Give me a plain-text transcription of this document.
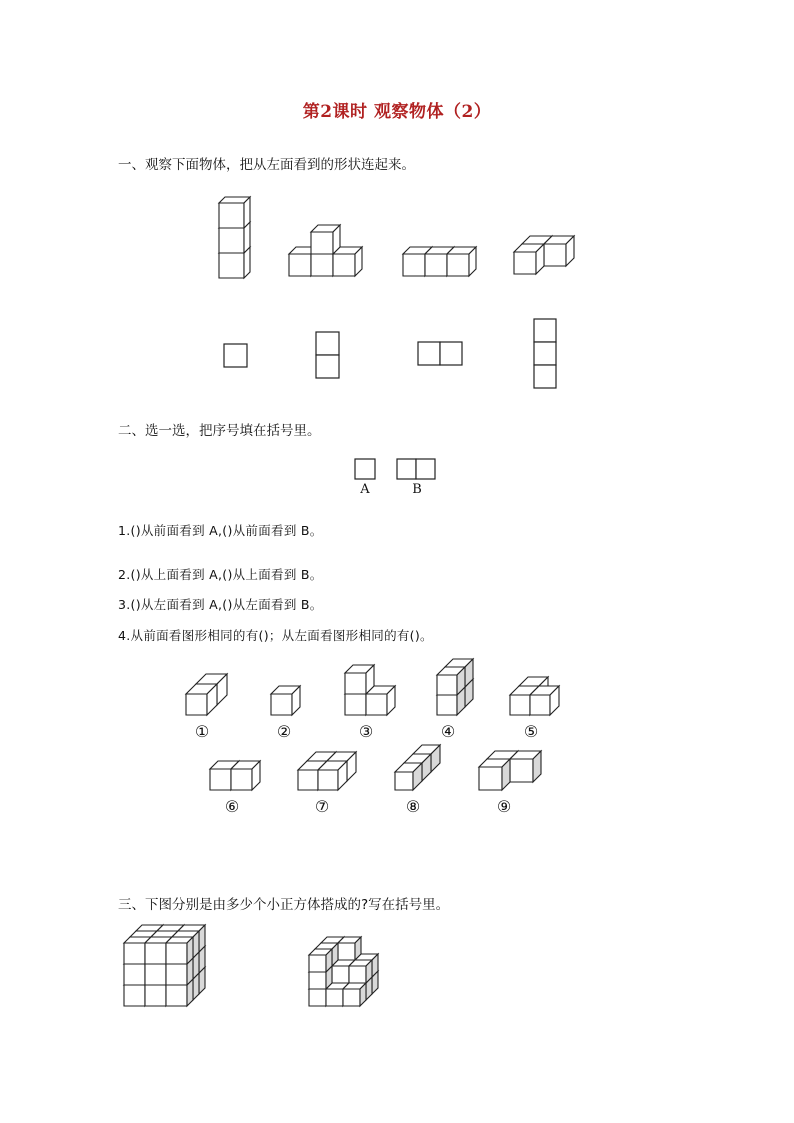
第2课时 观察物体（2）
一、观察下面物体，把从左面看到的形状连起来。
二、选一选，把序号填在括号里。
A	B
1.()从前面看到 A,()从前面看到 B。
2.()从上面看到 A,()从上面看到 B。
3.()从左面看到 A,()从左面看到 B。
4.从前面看图形相同的有()；从左面看图形相同的有()。
①	②	③	④	⑤
⑥	⑦	⑧	⑨
三、下图分别是由多少个小正方体搭成的?写在括号里。
